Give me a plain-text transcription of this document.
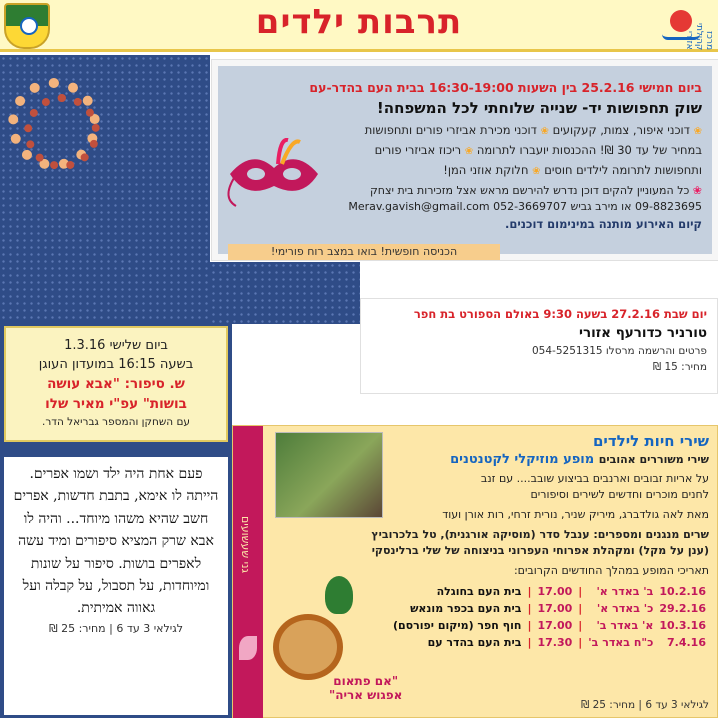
תרבות ילדים	מרכז קהילתי אזורי
ביום חמישי 25.2.16 בין השעות 16:30-19:00 בבית העם בהדר-עם
שוק תחפושות יד- שנייה שלוחתי לכל המשפחה!
❀ דוכני איפור, צמות, קעקועים ❀ דוכני מכירת אביזרי פורים ותחפושות במחיר של עד 30 ₪! ההכנסות יועברו לתרומה ❀ ריכוז אביזרי פורים ותחפושות לתרומה לילדים חוסים ❀ חלוקת אוזני המן!
❀ כל המעוניין להקים דוכן נדרש להירשם מראש אצל מזכירות בית יצחק
09-8823695 או מירב גביש 052-3669707 Merav.gavish@gmail.com
קיום האירוע מותנה במינימום דוכנים.
הכניסה חופשית! בואו במצב רוח פורימי!
יום שבת 27.2.16 בשעה 9:30 באולם הספורט בת חפר
טורניר כדורעף אזורי
פרטים והרשמה מרסלו 054-5251315
מחיר: 15 ₪
ביום שלישי 1.3.16
בשעה 16:15 במועדון העוגן
ש. סיפור: "אבא עושה
בושות" עפ"י מאיר שלו
עם השחקן והמספר גבריאל הדר.
פעם אחת היה ילד ושמו אפרים. הייתה לו אימא, בתבת חדשות, אפרים חשב שהיא משהו מיוחד... והיה לו אבא שרק המציא סיפורים ומיד עשה לאפרים בושות. סיפור על שונות ומיוחדות, על תסבול, על קבלה ועל גאווה אמיתית.
לגילאי 3 עד 6 | מחיר: 25 ₪
גני שעשועים
שירי חיות לילדים
שירי משוררים אהובים מופע מוזיקלי לקטנטנים
על אריות זבובים וארנבים בביצוע שובב.... עם זנב
לחנים מוכרים וחדשים לשירים וסיפורים
מאת לאה גולדברג, מיריק שניר, נורית זרחי, רות אורן ועוד
שרים מנגנים ומספרים: ענבל סדר (מוסיקה אורגנית), טל בלכרוביץ
(ענן על מקל) ומקהלת אפרוחי העפרוני בניצוחה של שלי ברלינסקי
תאריכי המופע במהלך החודשים הקרובים:
10.2.16	ב' באדר א'	|	17.00	|	בית העם בחוגלה
29.2.16	כ' באדר א'	|	17.00	|	בית העם בכפר מונאש
10.3.16	א' באדר ב'	|	17.00	|	חוף חפר (מיקום יפורסם)
7.4.16	כ"ח באדר ב'	|	17.30	|	בית העם בהדר עם
לגילאי 3 עד 6 | מחיר: 25 ₪
"אם פתאום
אפגוש אריה"
